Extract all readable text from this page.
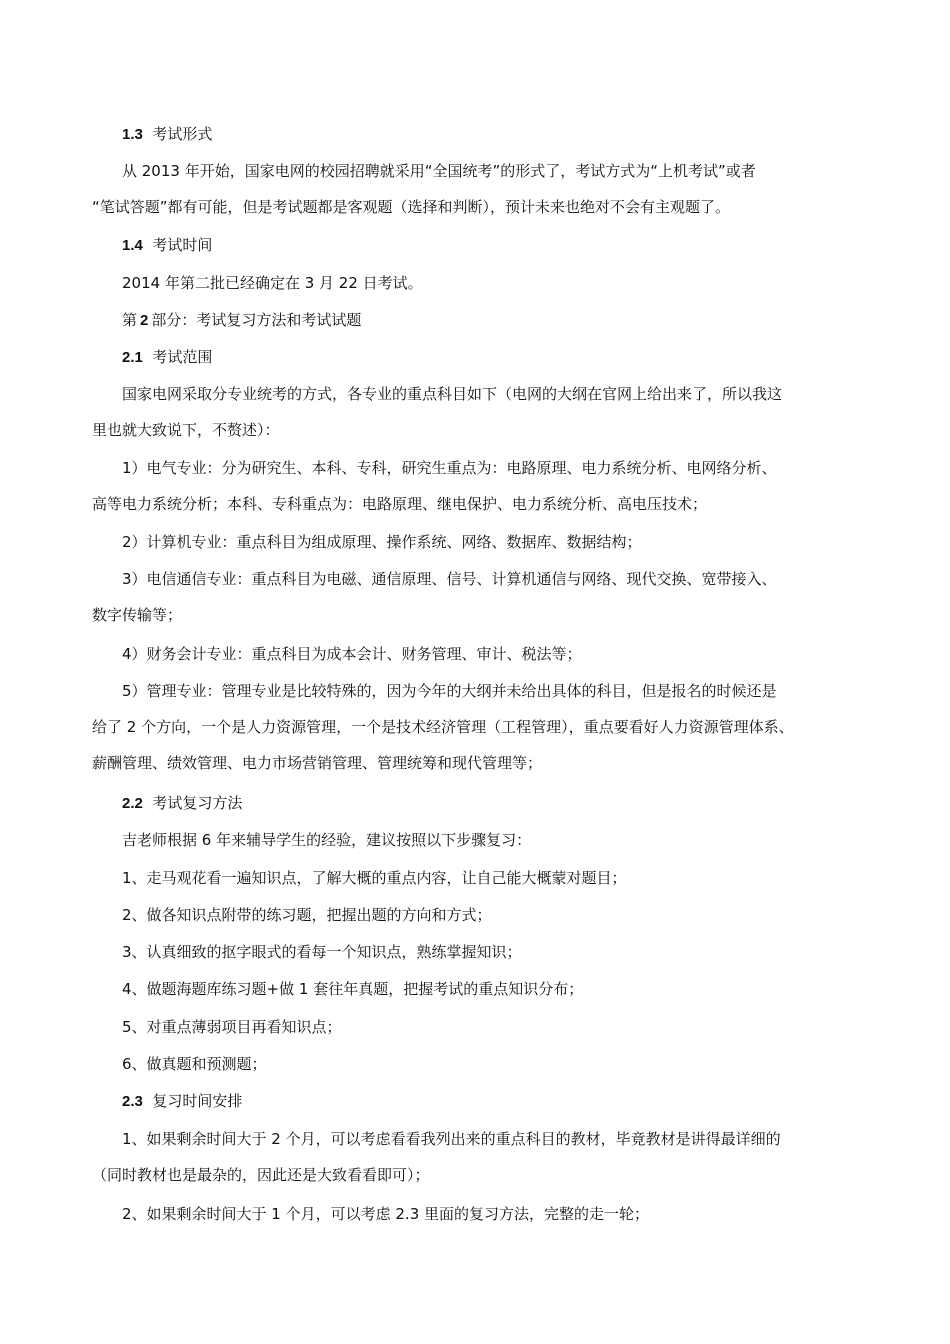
1.3 考试形式

从 2013 年开始，国家电网的校园招聘就采用“全国统考”的形式了，考试方式为“上机考试”或者
“笔试答题”都有可能，但是考试题都是客观题（选择和判断），预计未来也绝对不会有主观题了。

1.4 考试时间

2014 年第二批已经确定在 3 月 22 日考试。

第 2 部分：考试复习方法和考试试题

2.1 考试范围

国家电网采取分专业统考的方式，各专业的重点科目如下（电网的大纲在官网上给出来了，所以我这
里也就大致说下，不赘述）：

1）电气专业：分为研究生、本科、专科，研究生重点为：电路原理、电力系统分析、电网络分析、
高等电力系统分析；本科、专科重点为：电路原理、继电保护、电力系统分析、高电压技术；

2）计算机专业：重点科目为组成原理、操作系统、网络、数据库、数据结构；

3）电信通信专业：重点科目为电磁、通信原理、信号、计算机通信与网络、现代交换、宽带接入、
数字传输等；

4）财务会计专业：重点科目为成本会计、财务管理、审计、税法等；

5）管理专业：管理专业是比较特殊的，因为今年的大纲并未给出具体的科目，但是报名的时候还是
给了 2 个方向，一个是人力资源管理，一个是技术经济管理（工程管理），重点要看好人力资源管理体系、
薪酬管理、绩效管理、电力市场营销管理、管理统筹和现代管理等；

2.2 考试复习方法

吉老师根据 6 年来辅导学生的经验，建议按照以下步骤复习：

1、走马观花看一遍知识点，了解大概的重点内容，让自己能大概蒙对题目；

2、做各知识点附带的练习题，把握出题的方向和方式；

3、认真细致的抠字眼式的看每一个知识点，熟练掌握知识；

4、做题海题库练习题+做 1 套往年真题，把握考试的重点知识分布；

5、对重点薄弱项目再看知识点；

6、做真题和预测题；

2.3 复习时间安排

1、如果剩余时间大于 2 个月，可以考虑看看我列出来的重点科目的教材，毕竟教材是讲得最详细的
（同时教材也是最杂的，因此还是大致看看即可）；

2、如果剩余时间大于 1 个月，可以考虑 2.3 里面的复习方法，完整的走一轮；
